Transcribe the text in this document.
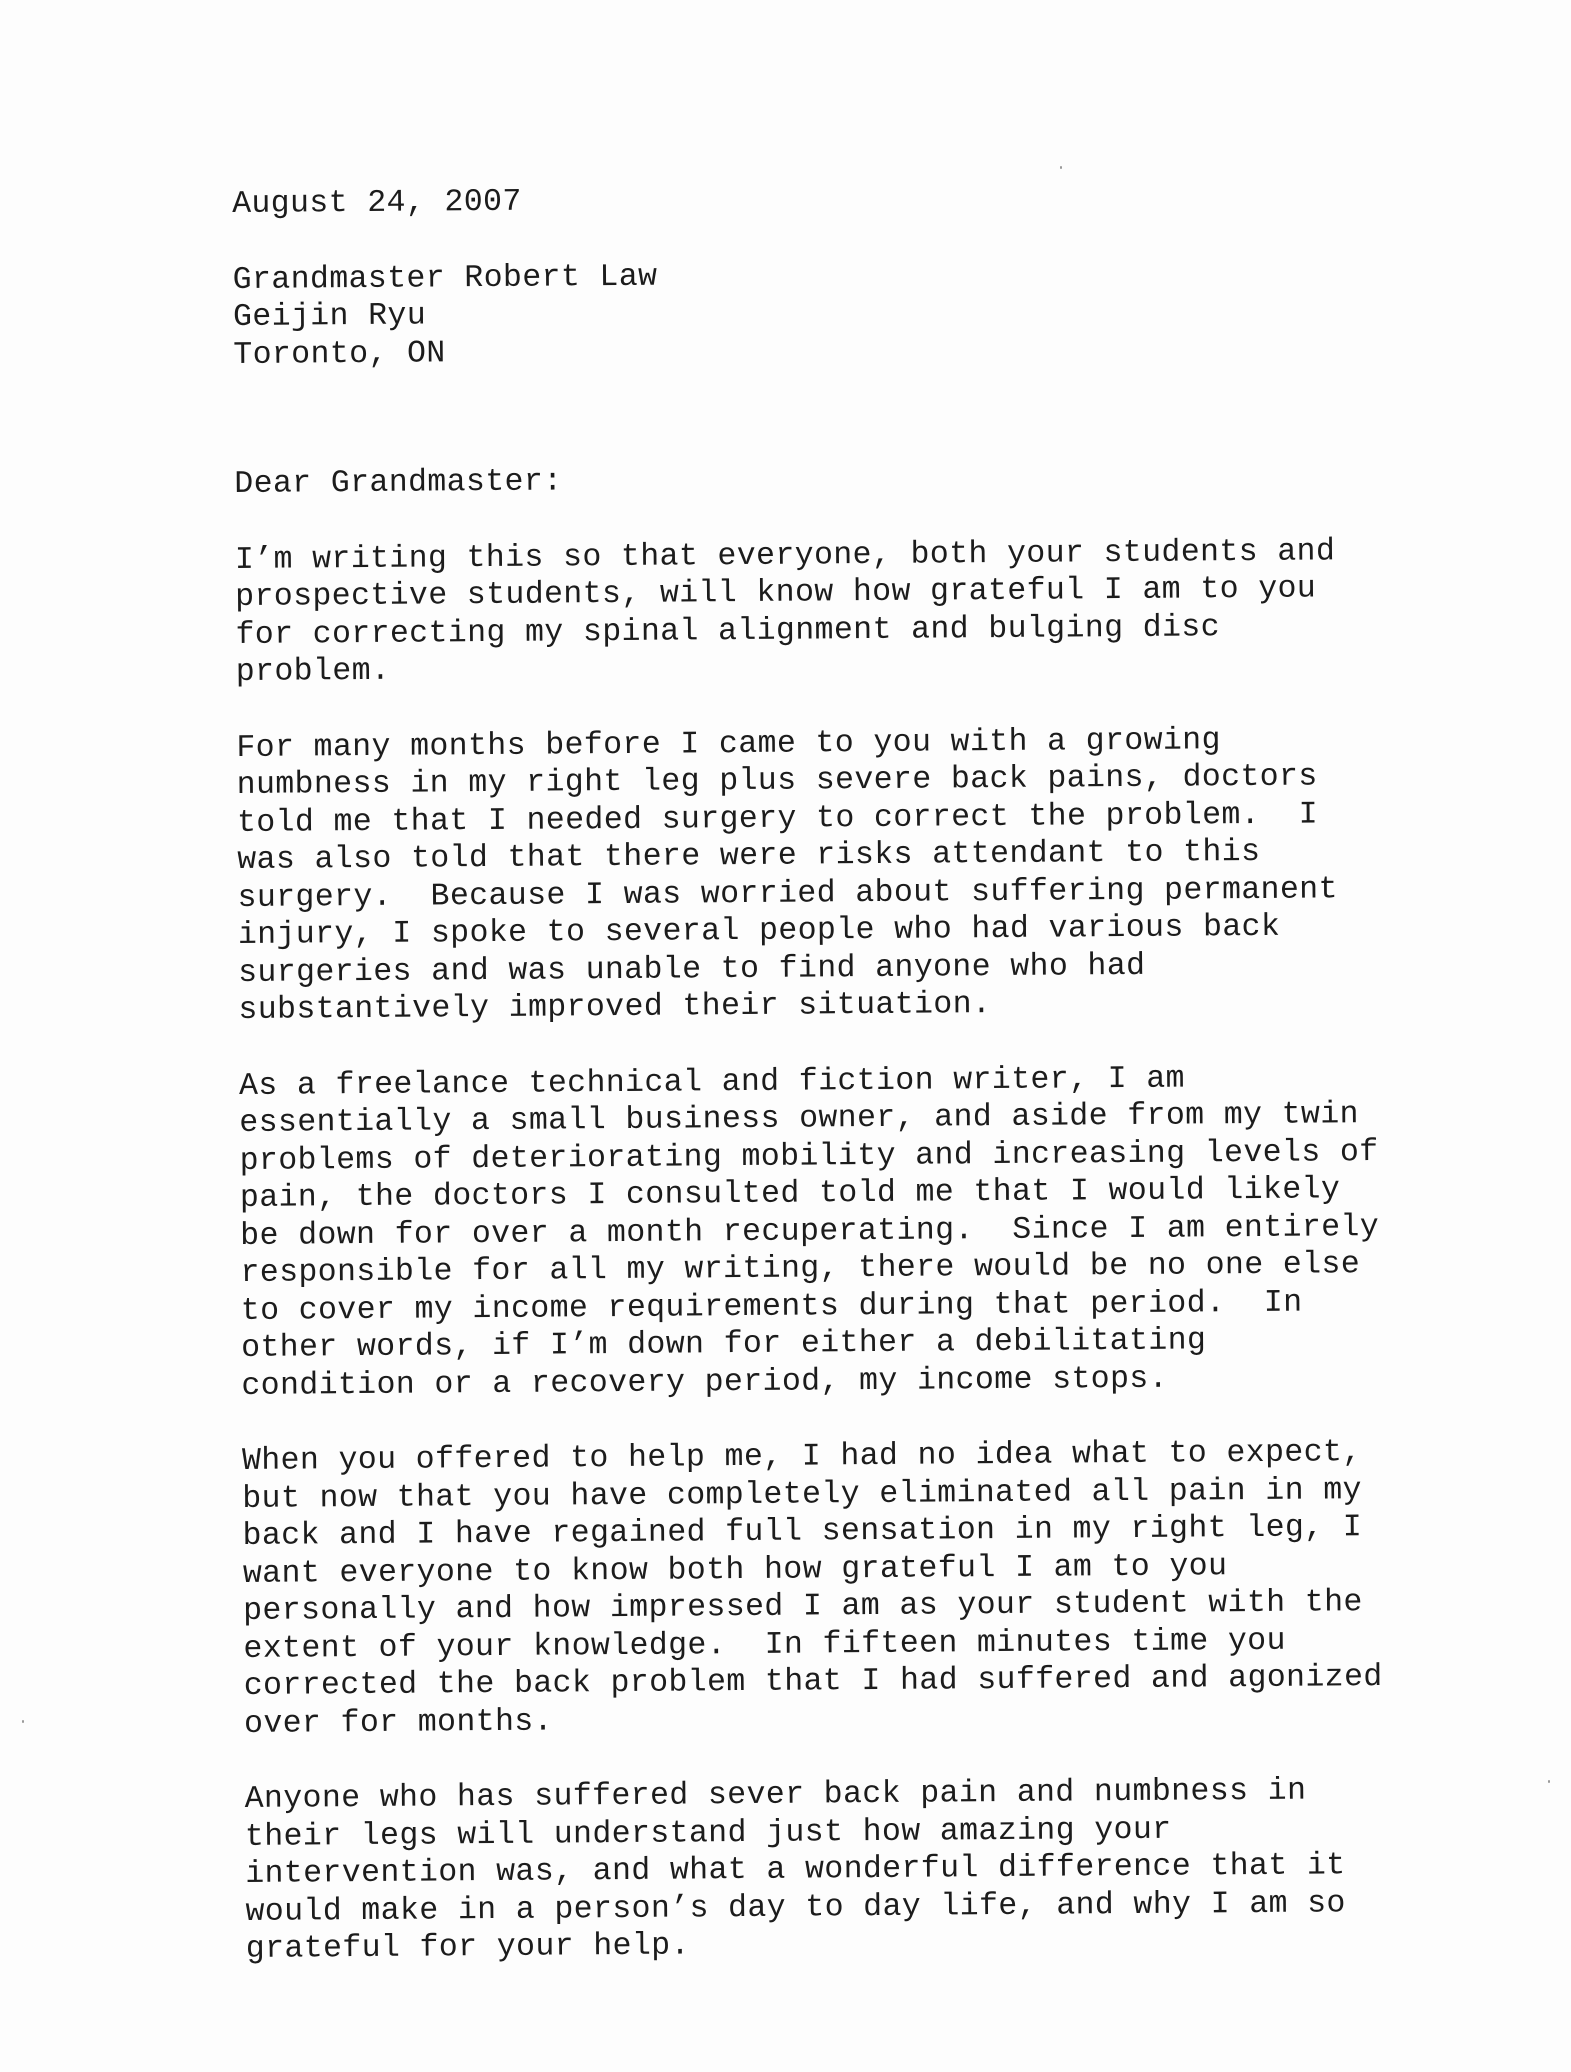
August 24, 2007
Grandmaster Robert Law
Geijin Ryu
Toronto, ON
Dear Grandmaster:
I’m writing this so that everyone, both your students and
prospective students, will know how grateful I am to you
for correcting my spinal alignment and bulging disc
problem.
For many months before I came to you with a growing
numbness in my right leg plus severe back pains, doctors
told me that I needed surgery to correct the problem.  I
was also told that there were risks attendant to this
surgery.  Because I was worried about suffering permanent
injury, I spoke to several people who had various back
surgeries and was unable to find anyone who had
substantively improved their situation.
As a freelance technical and fiction writer, I am
essentially a small business owner, and aside from my twin
problems of deteriorating mobility and increasing levels of
pain, the doctors I consulted told me that I would likely
be down for over a month recuperating.  Since I am entirely
responsible for all my writing, there would be no one else
to cover my income requirements during that period.  In
other words, if I’m down for either a debilitating
condition or a recovery period, my income stops.
When you offered to help me, I had no idea what to expect,
but now that you have completely eliminated all pain in my
back and I have regained full sensation in my right leg, I
want everyone to know both how grateful I am to you
personally and how impressed I am as your student with the
extent of your knowledge.  In fifteen minutes time you
corrected the back problem that I had suffered and agonized
over for months.
Anyone who has suffered sever back pain and numbness in
their legs will understand just how amazing your
intervention was, and what a wonderful difference that it
would make in a person’s day to day life, and why I am so
grateful for your help.
